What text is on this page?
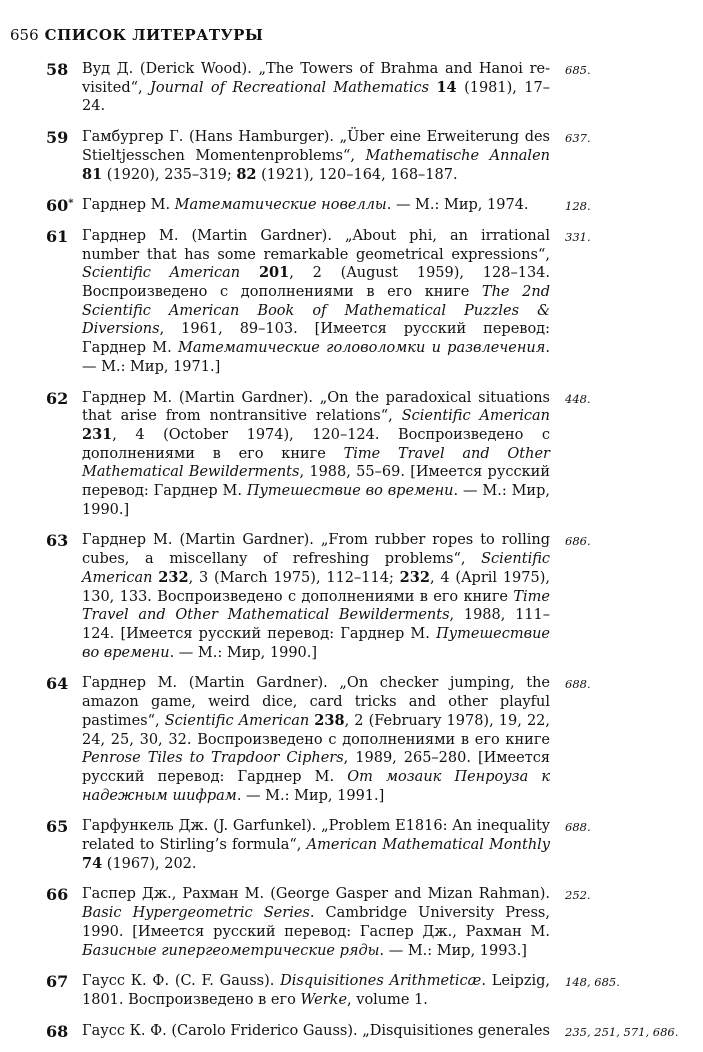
656 СПИСОК ЛИТЕРАТУРЫ
58 Вуд Д. (Derick Wood). „The Towers of Brahma and Hanoi re-visited“, Journal of Recreational Mathematics 14 (1981), 17–24.
685.
59 Гамбургер Г. (Hans Hamburger). „Über eine Erweiterung des Stieltjesschen Momentenproblems“, Mathematische Annalen 81 (1920), 235–319; 82 (1921), 120–164, 168–187.
637.
60* Гарднер М. Математические новеллы. — М.: Мир, 1974.	128.
61 Гарднер М. (Martin Gardner). „About phi, an irrational number that has some remarkable geometrical expressions“, Scientific American 201, 2 (August 1959), 128–134. Воспроизведено с дополнениями в его книге The 2nd Scientific American Book of Mathematical Puzzles & Diversions, 1961, 89–103. [Имеется русский перевод: Гарднер М. Математические головоломки и развлечения. — М.: Мир, 1971.]
331.
62 Гарднер М. (Martin Gardner). „On the paradoxical situations that arise from nontransitive relations“, Scientific American 231, 4 (October 1974), 120–124. Воспроизведено с дополнениями в его книге Time Travel and Other Mathematical Bewilderments, 1988, 55–69. [Имеется русский перевод: Гарднер М. Путешествие во времени. — М.: Мир, 1990.]
448.
63 Гарднер М. (Martin Gardner). „From rubber ropes to rolling cubes, a miscellany of refreshing problems“, Scientific American 232, 3 (March 1975), 112–114; 232, 4 (April 1975), 130, 133. Воспроизведено с дополнениями в его книге Time Travel and Other Mathematical Bewilderments, 1988, 111–124. [Имеется русский перевод: Гарднер М. Путешествие во времени. — М.: Мир, 1990.]
686.
64 Гарднер М. (Martin Gardner). „On checker jumping, the amazon game, weird dice, card tricks and other playful pastimes“, Scientific American 238, 2 (February 1978), 19, 22, 24, 25, 30, 32. Воспроизведено с дополнениями в его книге Penrose Tiles to Trapdoor Ciphers, 1989, 265–280. [Имеется русский перевод: Гарднер М. От мозаик Пенроуза к надежным шифрам. — М.: Мир, 1991.]
688.
65 Гарфункель Дж. (J. Garfunkel). „Problem E1816: An inequality related to Stirling’s formula“, American Mathematical Monthly 74 (1967), 202.
688.
66 Гаспер Дж., Рахман М. (George Gasper and Mizan Rahman). Basic Hypergeometric Series. Cambridge University Press, 1990. [Имеется русский перевод: Гаспер Дж., Рахман М. Базисные гипергеометрические ряды. — М.: Мир, 1993.]
252.
67 Гаусс К. Ф. (C. F. Gauss). Disquisitiones Arithmeticæ. Leipzig, 1801. Воспроизведено в его Werke, volume 1.
148, 685.
68 Гаусс К. Ф. (Carolo Friderico Gauss). „Disquisitiones generales 235, 251, 571, 686.
